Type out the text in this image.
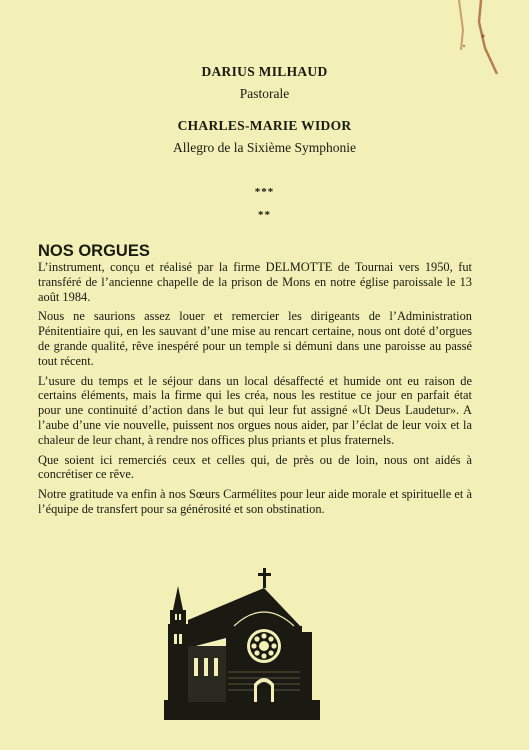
DARIUS MILHAUD
Pastorale
CHARLES-MARIE WIDOR
Allegro de la Sixième Symphonie
***
**
NOS ORGUES

L’instrument, conçu et réalisé par la firme DELMOTTE de Tournai vers 1950, fut transféré de l’ancienne chapelle de la prison de Mons en notre église paroissale le 13 août 1984.

Nous ne saurions assez louer et remercier les dirigeants de l’Administration Pénitentiaire qui, en les sauvant d’une mise au rencart certaine, nous ont doté d’orgues de grande qualité, rêve inespéré pour un temple si démuni dans une paroisse au passé tout récent.

L’usure du temps et le séjour dans un local désaffecté et humide ont eu raison de certains éléments, mais la firme qui les créa, nous les restitue ce jour en parfait état pour une continuité d’action dans le but qui leur fut assigné «Ut Deus Laudetur». A l’aube d’une vie nouvelle, puissent nos orgues nous aider, par l’éclat de leur voix et la chaleur de leur chant, à rendre nos offices plus priants et plus fraternels.

Que soient ici remerciés ceux et celles qui, de près ou de loin, nous ont aidés à concrétiser ce rêve.

Notre gratitude va enfin à nos Sœurs Carmélites pour leur aide morale et spirituelle et à l’équipe de transfert pour sa générosité et son obstination.
